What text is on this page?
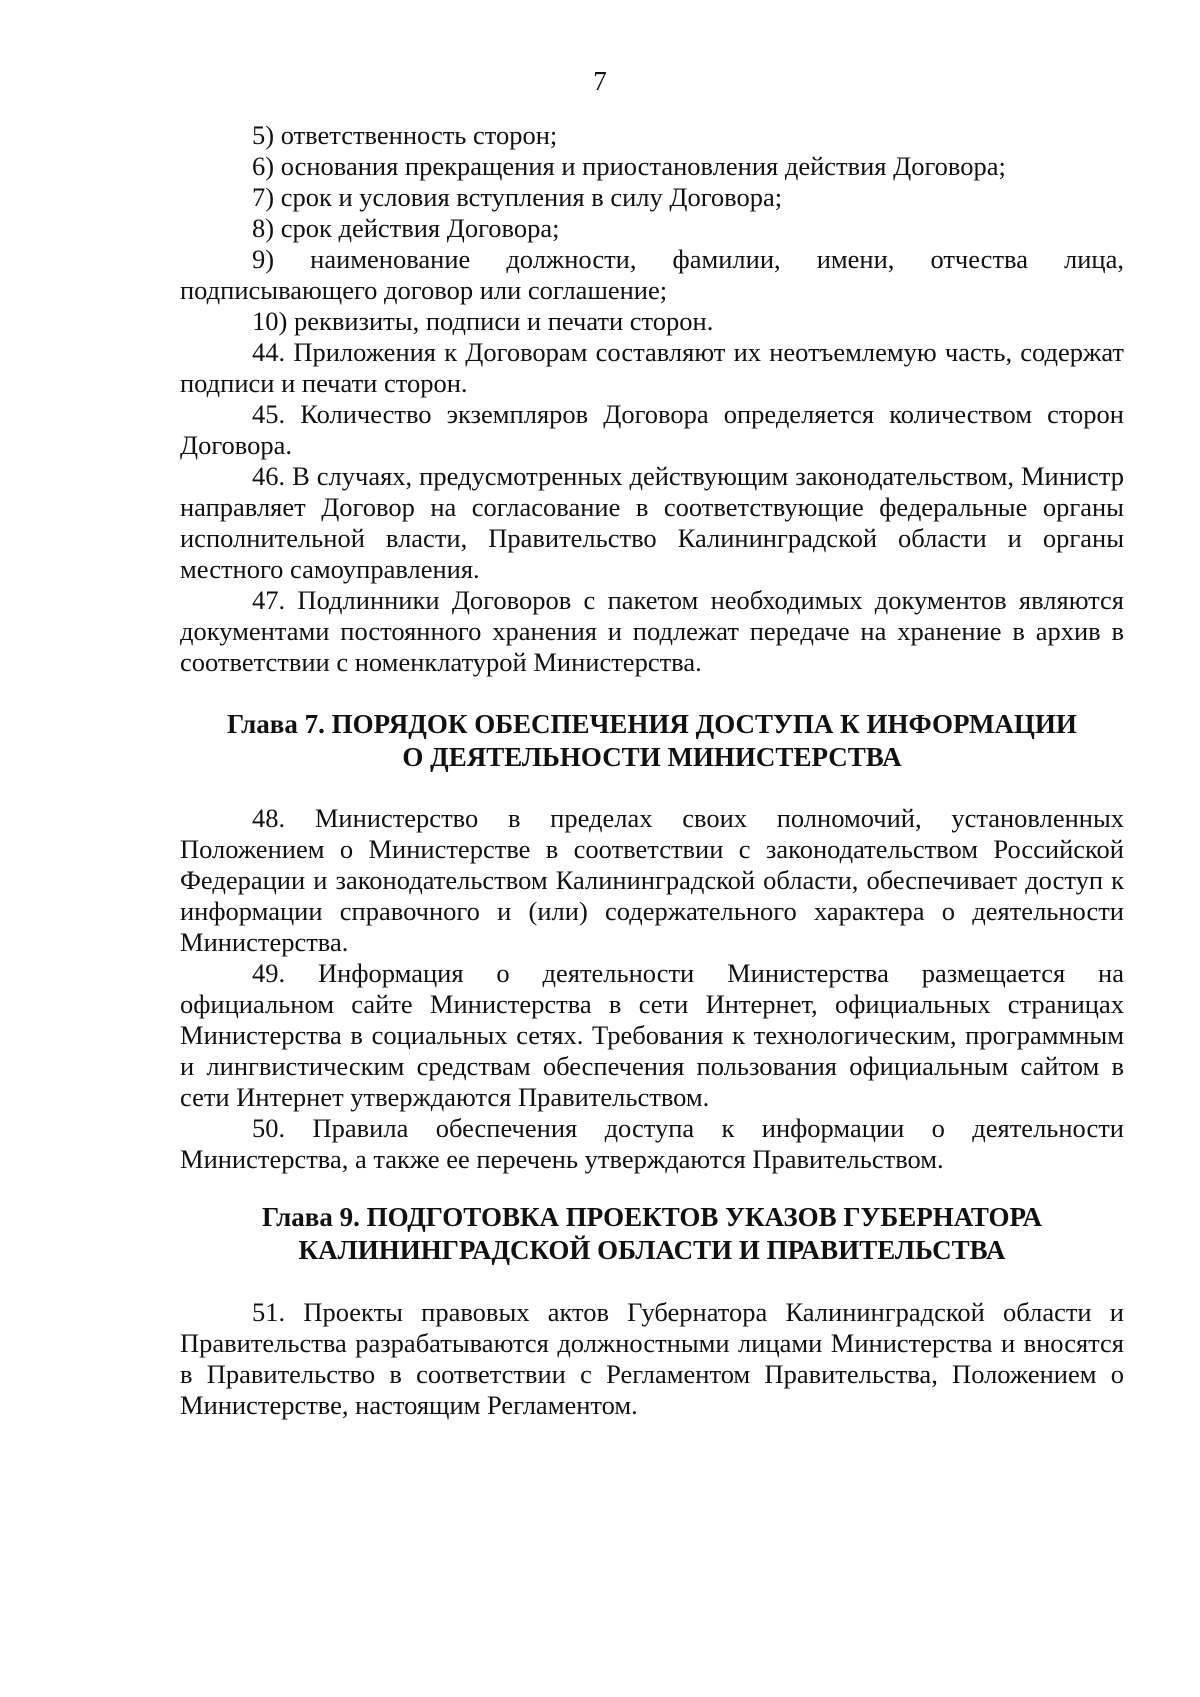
7

5) ответственность сторон;

6) основания прекращения и приостановления действия Договора;

7) срок и условия вступления в силу Договора;

8) срок действия Договора;

9) наименование должности, фамилии, имени, отчества лица, подписывающего договор или соглашение;

10) реквизиты, подписи и печати сторон.

44. Приложения к Договорам составляют их неотъемлемую часть, содержат подписи и печати сторон.

45. Количество экземпляров Договора определяется количеством сторон Договора.

46. В случаях, предусмотренных действующим законодательством, Министр направляет Договор на согласование в соответствующие федеральные органы исполнительной власти, Правительство Калининградской области и органы местного самоуправления.

47. Подлинники Договоров с пакетом необходимых документов являются документами постоянного хранения и подлежат передаче на хранение в архив в соответствии с номенклатурой Министерства.

Глава 7. ПОРЯДОК ОБЕСПЕЧЕНИЯ ДОСТУПА К ИНФОРМАЦИИ
О ДЕЯТЕЛЬНОСТИ МИНИСТЕРСТВА

48. Министерство в пределах своих полномочий, установленных Положением о Министерстве в соответствии с законодательством Российской Федерации и законодательством Калининградской области, обеспечивает доступ к информации справочного и (или) содержательного характера о деятельности Министерства.

49. Информация о деятельности Министерства размещается на официальном сайте Министерства в сети Интернет, официальных страницах Министерства в социальных сетях. Требования к технологическим, программным и лингвистическим средствам обеспечения пользования официальным сайтом в сети Интернет утверждаются Правительством.

50. Правила обеспечения доступа к информации о деятельности Министерства, а также ее перечень утверждаются Правительством.

Глава 9. ПОДГОТОВКА ПРОЕКТОВ УКАЗОВ ГУБЕРНАТОРА
КАЛИНИНГРАДСКОЙ ОБЛАСТИ И ПРАВИТЕЛЬСТВА

51. Проекты правовых актов Губернатора Калининградской области и Правительства разрабатываются должностными лицами Министерства и вносятся в Правительство в соответствии с Регламентом Правительства, Положением о Министерстве, настоящим Регламентом.
